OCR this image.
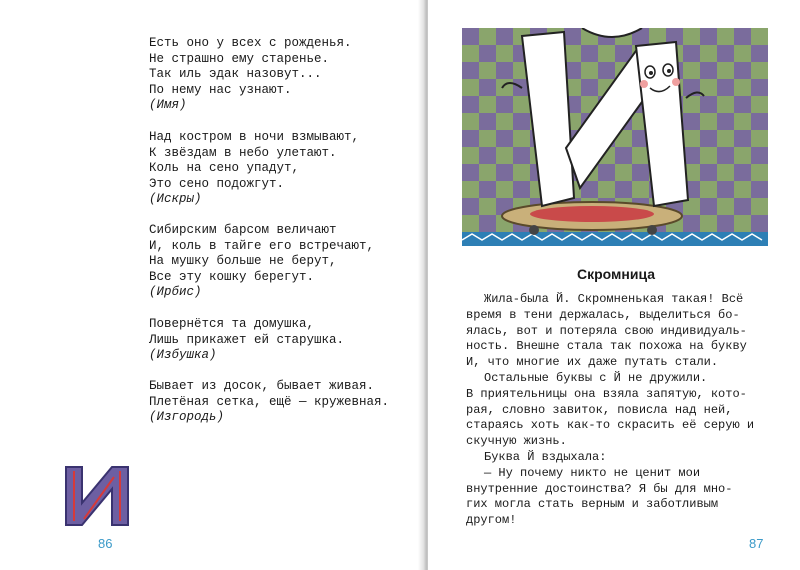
Есть оно у всех с рожденья.
Не страшно ему старенье.
Так иль эдак назовут...
По нему нас узнают.
(Имя)
Над костром в ночи взмывают,
К звёздам в небо улетают.
Коль на сено упадут,
Это сено подожгут.
(Искры)
Сибирским барсом величают
И, коль в тайге его встречают,
На мушку больше не берут,
Все эту кошку берегут.
(Ирбис)
Повернётся та домушка,
Лишь прикажет ей старушка.
(Избушка)
Бывает из досок, бывает живая.
Плетёная сетка, ещё — кружевная.
(Изгородь)
86
Скромница

Жила-была Й. Скромненькая такая! Всё
время в тени держалась, выделиться бо-
ялась, вот и потеряла свою индивидуаль-
ность. Внешне стала так похожа на букву
И, что многие их даже путать стали.

Остальные буквы с Й не дружили.
В приятельницы она взяла запятую, кото-
рая, словно завиток, повисла над ней,
стараясь хоть как-то скрасить её серую и
скучную жизнь.

Буква Й вздыхала:

— Ну почему никто не ценит мои
внутренние достоинства? Я бы для мно-
гих могла стать верным и заботливым
другом!

87
